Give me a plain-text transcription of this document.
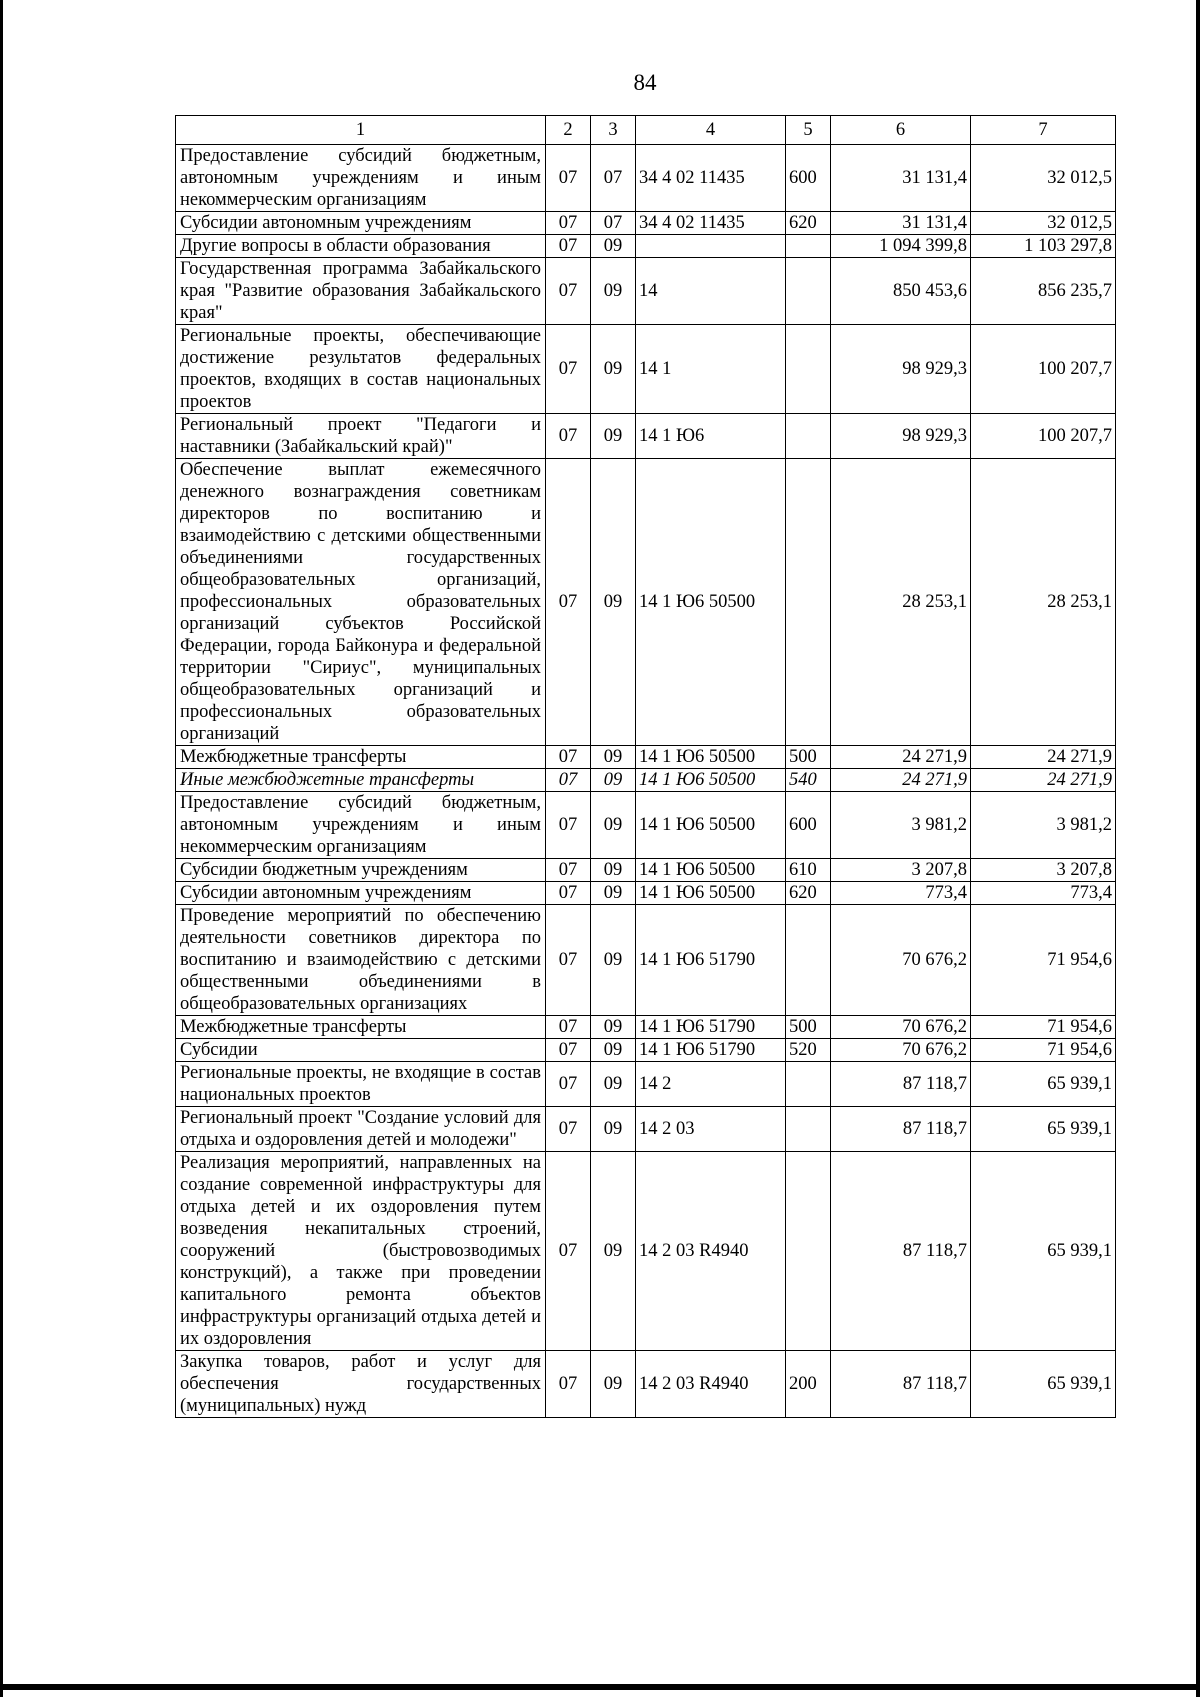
84
1	2	3	4	5	6	7
Предоставление субсидий бюджетным, автономным учреждениям и иным некоммерческим организациям	07	07	34 4 02 11435	600	31 131,4	32 012,5
Субсидии автономным учреждениям	07	07	34 4 02 11435	620	31 131,4	32 012,5
Другие вопросы в области образования	07	09			1 094 399,8	1 103 297,8
Государственная программа Забайкальского края "Развитие образования Забайкальского края"	07	09	14		850 453,6	856 235,7
Региональные проекты, обеспечивающие достижение результатов федеральных проектов, входящих в состав национальных проектов	07	09	14 1		98 929,3	100 207,7
Региональный проект "Педагоги и наставники (Забайкальский край)"	07	09	14 1 Ю6		98 929,3	100 207,7
Обеспечение выплат ежемесячного денежного вознаграждения советникам директоров по воспитанию и взаимодействию с детскими общественными объединениями государственных общеобразовательных организаций, профессиональных образовательных организаций субъектов Российской Федерации, города Байконура и федеральной территории "Сириус", муниципальных общеобразовательных организаций и профессиональных образовательных организаций	07	09	14 1 Ю6 50500		28 253,1	28 253,1
Межбюджетные трансферты	07	09	14 1 Ю6 50500	500	24 271,9	24 271,9
Иные межбюджетные трансферты	07	09	14 1 Ю6 50500	540	24 271,9	24 271,9
Предоставление субсидий бюджетным, автономным учреждениям и иным некоммерческим организациям	07	09	14 1 Ю6 50500	600	3 981,2	3 981,2
Субсидии бюджетным учреждениям	07	09	14 1 Ю6 50500	610	3 207,8	3 207,8
Субсидии автономным учреждениям	07	09	14 1 Ю6 50500	620	773,4	773,4
Проведение мероприятий по обеспечению деятельности советников директора по воспитанию и взаимодействию с детскими общественными объединениями в общеобразовательных организациях	07	09	14 1 Ю6 51790		70 676,2	71 954,6
Межбюджетные трансферты	07	09	14 1 Ю6 51790	500	70 676,2	71 954,6
Субсидии	07	09	14 1 Ю6 51790	520	70 676,2	71 954,6
Региональные проекты, не входящие в состав национальных проектов	07	09	14 2		87 118,7	65 939,1
Региональный проект "Создание условий для отдыха и оздоровления детей и молодежи"	07	09	14 2 03		87 118,7	65 939,1
Реализация мероприятий, направленных на создание современной инфраструктуры для отдыха детей и их оздоровления путем возведения некапитальных строений, сооружений (быстровозводимых конструкций), а также при проведении капитального ремонта объектов инфраструктуры организаций отдыха детей и их оздоровления	07	09	14 2 03 R4940		87 118,7	65 939,1
Закупка товаров, работ и услуг для обеспечения государственных (муниципальных) нужд	07	09	14 2 03 R4940	200	87 118,7	65 939,1
